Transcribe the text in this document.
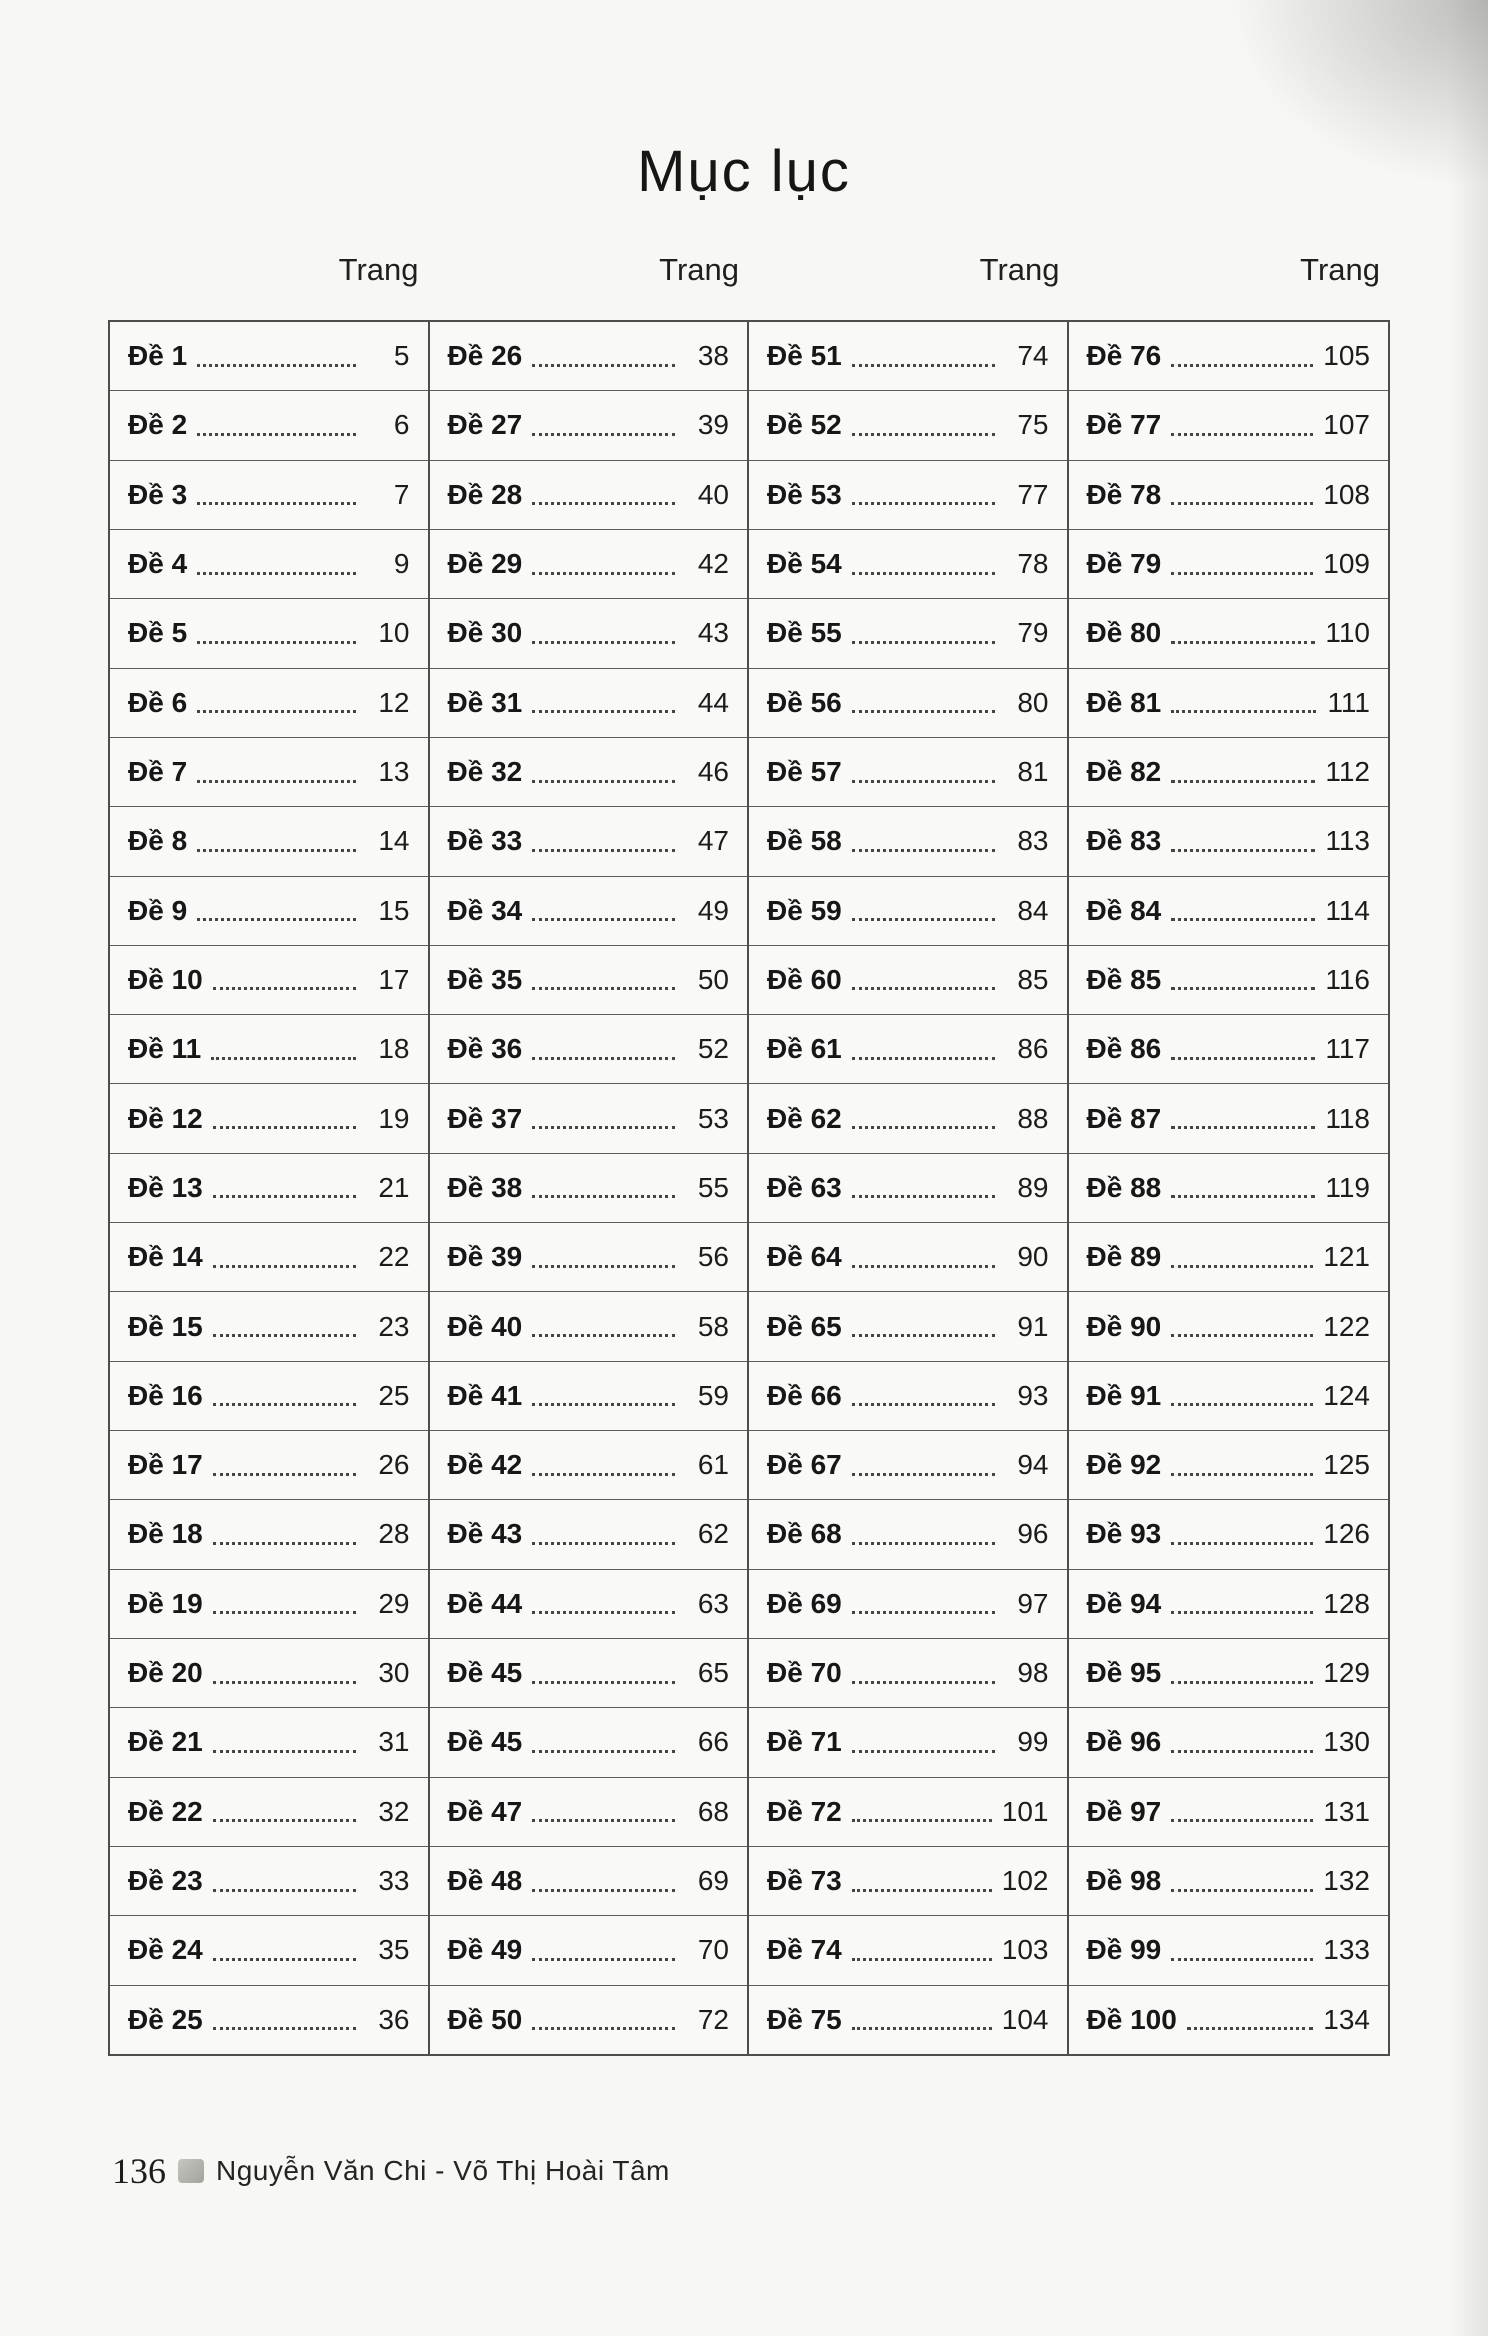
Mục lục
Trang	Trang	Trang	Trang
Đề 1	5
Đề 2	6
Đề 3	7
Đề 4	9
Đề 5	10
Đề 6	12
Đề 7	13
Đề 8	14
Đề 9	15
Đề 10	17
Đề 11	18
Đề 12	19
Đề 13	21
Đề 14	22
Đề 15	23
Đề 16	25
Đề 17	26
Đề 18	28
Đề 19	29
Đề 20	30
Đề 21	31
Đề 22	32
Đề 23	33
Đề 24	35
Đề 25	36
Đề 26	38
Đề 27	39
Đề 28	40
Đề 29	42
Đề 30	43
Đề 31	44
Đề 32	46
Đề 33	47
Đề 34	49
Đề 35	50
Đề 36	52
Đề 37	53
Đề 38	55
Đề 39	56
Đề 40	58
Đề 41	59
Đề 42	61
Đề 43	62
Đề 44	63
Đề 45	65
Đề 45	66
Đề 47	68
Đề 48	69
Đề 49	70
Đề 50	72
Đề 51	74
Đề 52	75
Đề 53	77
Đề 54	78
Đề 55	79
Đề 56	80
Đề 57	81
Đề 58	83
Đề 59	84
Đề 60	85
Đề 61	86
Đề 62	88
Đề 63	89
Đề 64	90
Đề 65	91
Đề 66	93
Đề 67	94
Đề 68	96
Đề 69	97
Đề 70	98
Đề 71	99
Đề 72	101
Đề 73	102
Đề 74	103
Đề 75	104
Đề 76	105
Đề 77	107
Đề 78	108
Đề 79	109
Đề 80	110
Đề 81	111
Đề 82	112
Đề 83	113
Đề 84	114
Đề 85	116
Đề 86	117
Đề 87	118
Đề 88	119
Đề 89	121
Đề 90	122
Đề 91	124
Đề 92	125
Đề 93	126
Đề 94	128
Đề 95	129
Đề 96	130
Đề 97	131
Đề 98	132
Đề 99	133
Đề 100	134
136 Nguyễn Văn Chi - Võ Thị Hoài Tâm
